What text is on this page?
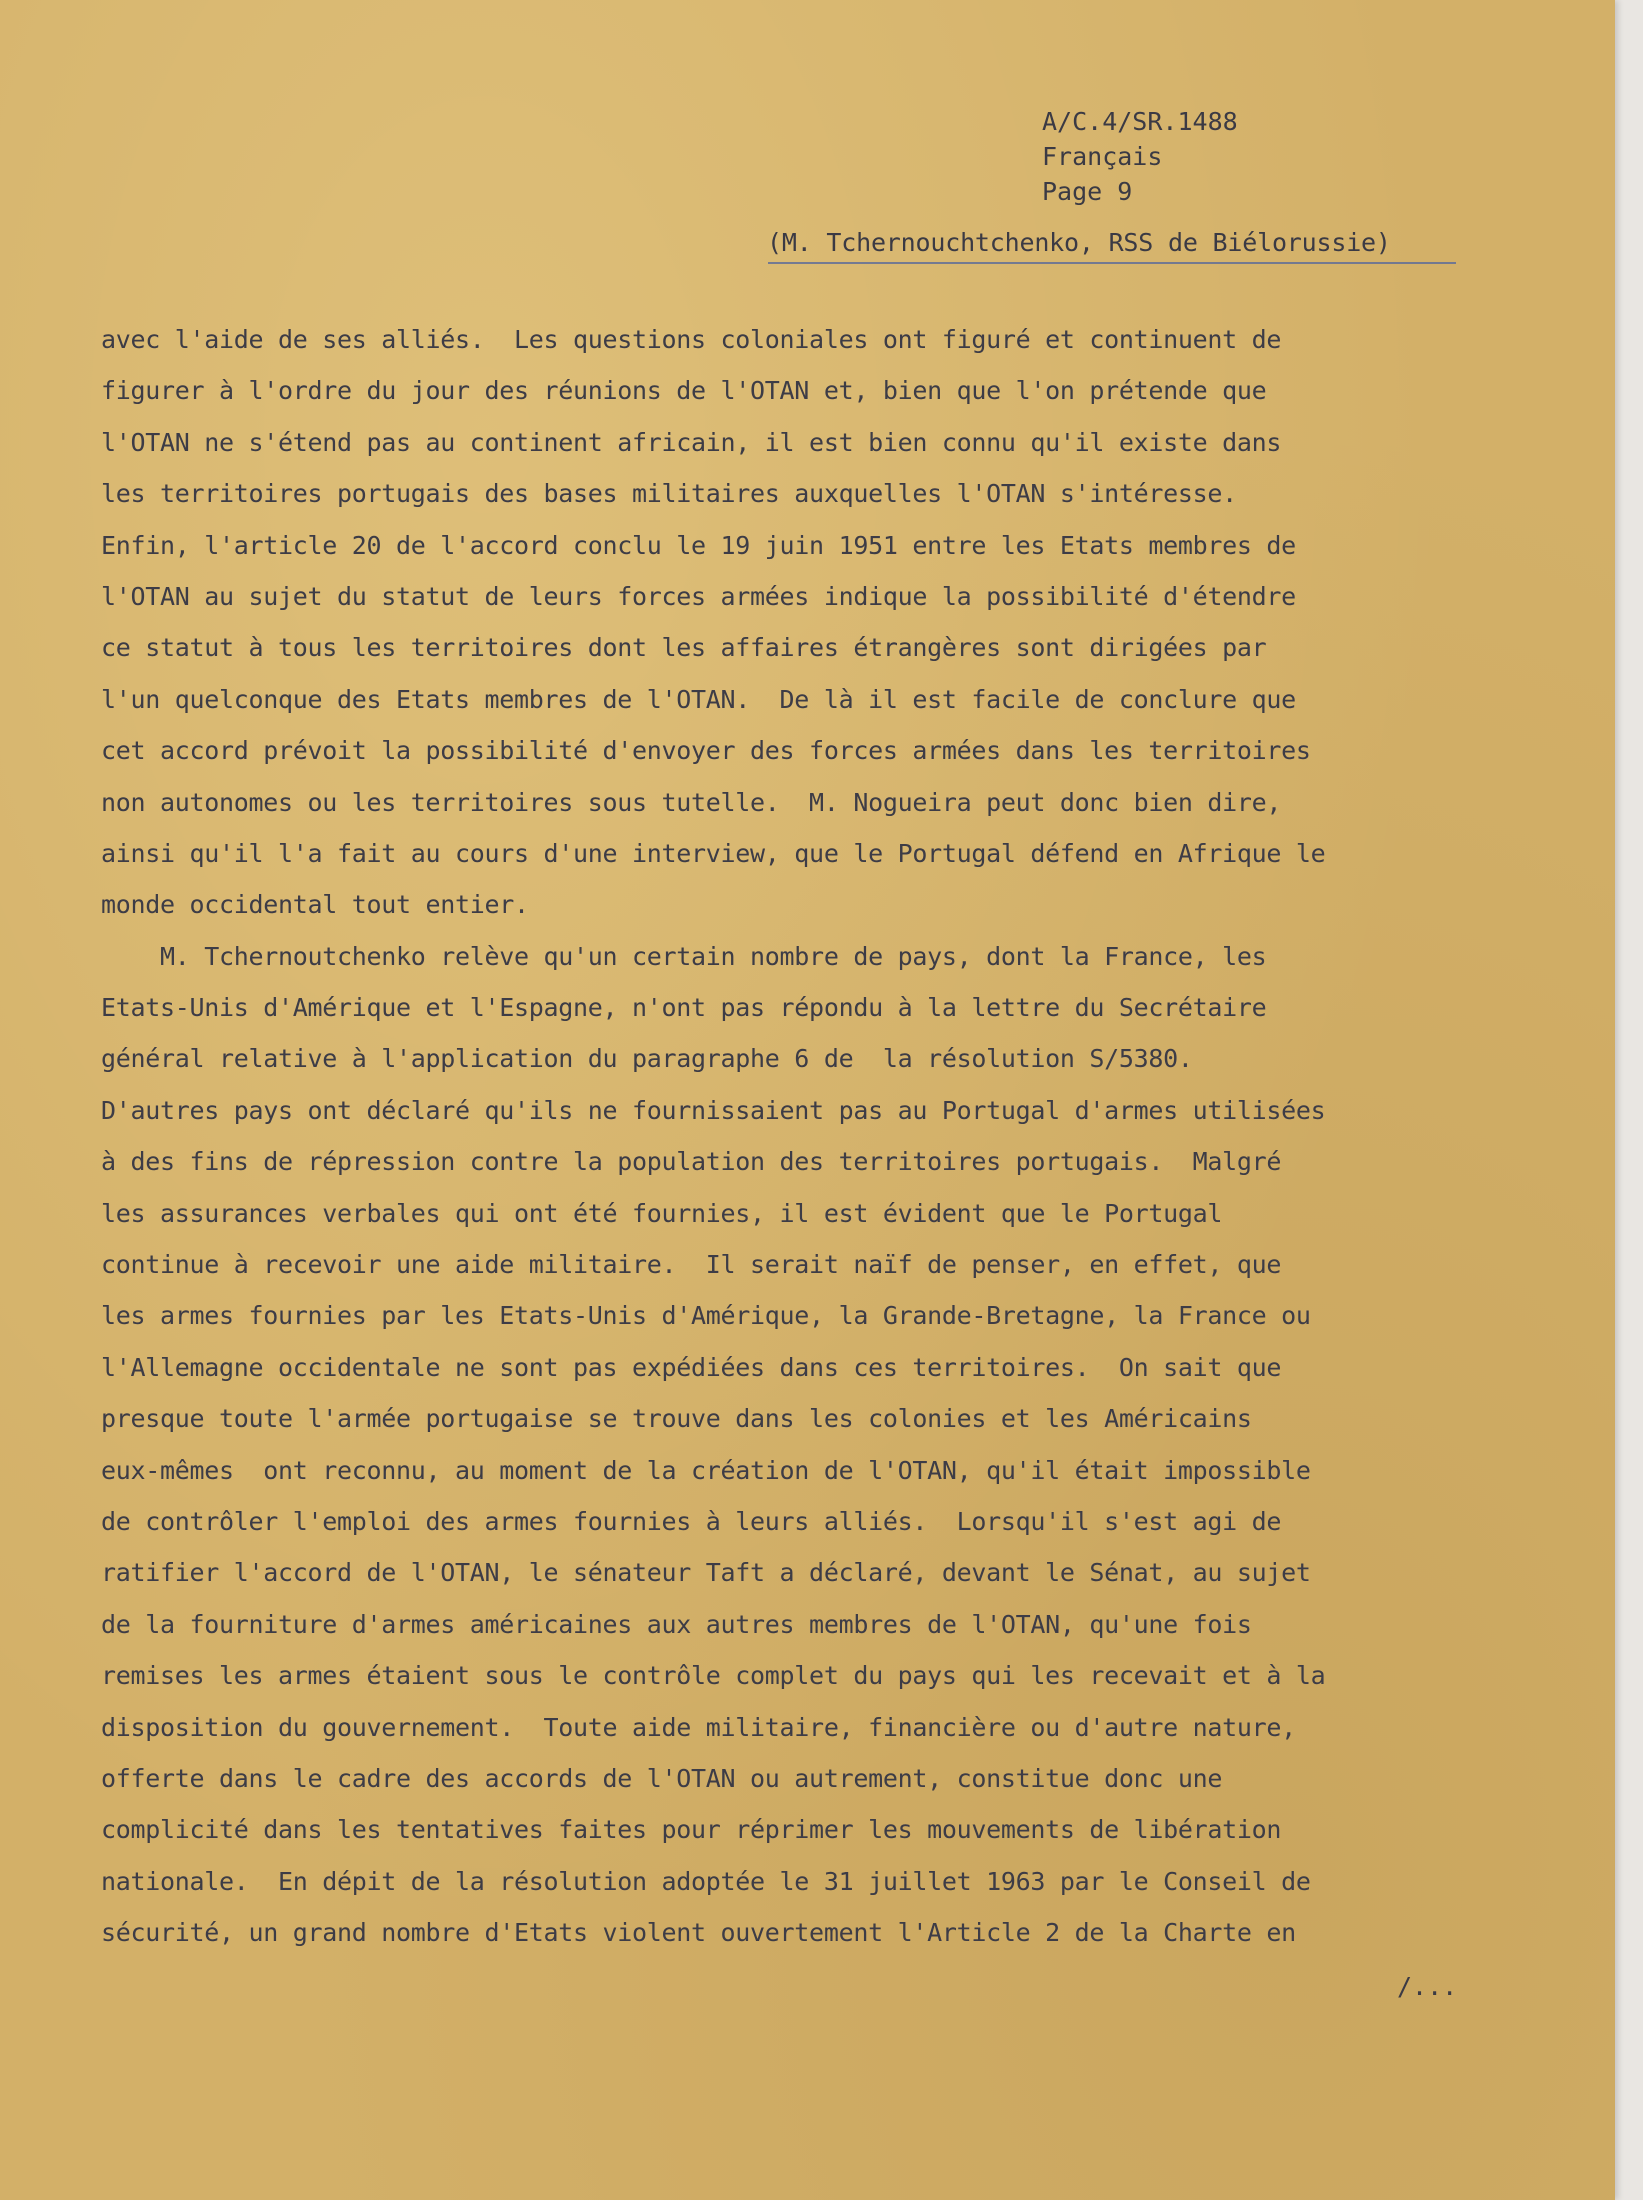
A/C.4/SR.1488
Français
Page 9
(M. Tchernouchtchenko, RSS de Biélorussie)
avec l'aide de ses alliés.  Les questions coloniales ont figuré et continuent de
figurer à l'ordre du jour des réunions de l'OTAN et, bien que l'on prétende que
l'OTAN ne s'étend pas au continent africain, il est bien connu qu'il existe dans
les territoires portugais des bases militaires auxquelles l'OTAN s'intéresse.
Enfin, l'article 20 de l'accord conclu le 19 juin 1951 entre les Etats membres de
l'OTAN au sujet du statut de leurs forces armées indique la possibilité d'étendre
ce statut à tous les territoires dont les affaires étrangères sont dirigées par
l'un quelconque des Etats membres de l'OTAN.  De là il est facile de conclure que
cet accord prévoit la possibilité d'envoyer des forces armées dans les territoires
non autonomes ou les territoires sous tutelle.  M. Nogueira peut donc bien dire,
ainsi qu'il l'a fait au cours d'une interview, que le Portugal défend en Afrique le
monde occidental tout entier.
M. Tchernoutchenko relève qu'un certain nombre de pays, dont la France, les
Etats-Unis d'Amérique et l'Espagne, n'ont pas répondu à la lettre du Secrétaire
général relative à l'application du paragraphe 6 de  la résolution S/5380.
D'autres pays ont déclaré qu'ils ne fournissaient pas au Portugal d'armes utilisées
à des fins de répression contre la population des territoires portugais.  Malgré
les assurances verbales qui ont été fournies, il est évident que le Portugal
continue à recevoir une aide militaire.  Il serait naïf de penser, en effet, que
les armes fournies par les Etats-Unis d'Amérique, la Grande-Bretagne, la France ou
l'Allemagne occidentale ne sont pas expédiées dans ces territoires.  On sait que
presque toute l'armée portugaise se trouve dans les colonies et les Américains
eux-mêmes  ont reconnu, au moment de la création de l'OTAN, qu'il était impossible
de contrôler l'emploi des armes fournies à leurs alliés.  Lorsqu'il s'est agi de
ratifier l'accord de l'OTAN, le sénateur Taft a déclaré, devant le Sénat, au sujet
de la fourniture d'armes américaines aux autres membres de l'OTAN, qu'une fois
remises les armes étaient sous le contrôle complet du pays qui les recevait et à la
disposition du gouvernement.  Toute aide militaire, financière ou d'autre nature,
offerte dans le cadre des accords de l'OTAN ou autrement, constitue donc une
complicité dans les tentatives faites pour réprimer les mouvements de libération
nationale.  En dépit de la résolution adoptée le 31 juillet 1963 par le Conseil de
sécurité, un grand nombre d'Etats violent ouvertement l'Article 2 de la Charte en
/...
